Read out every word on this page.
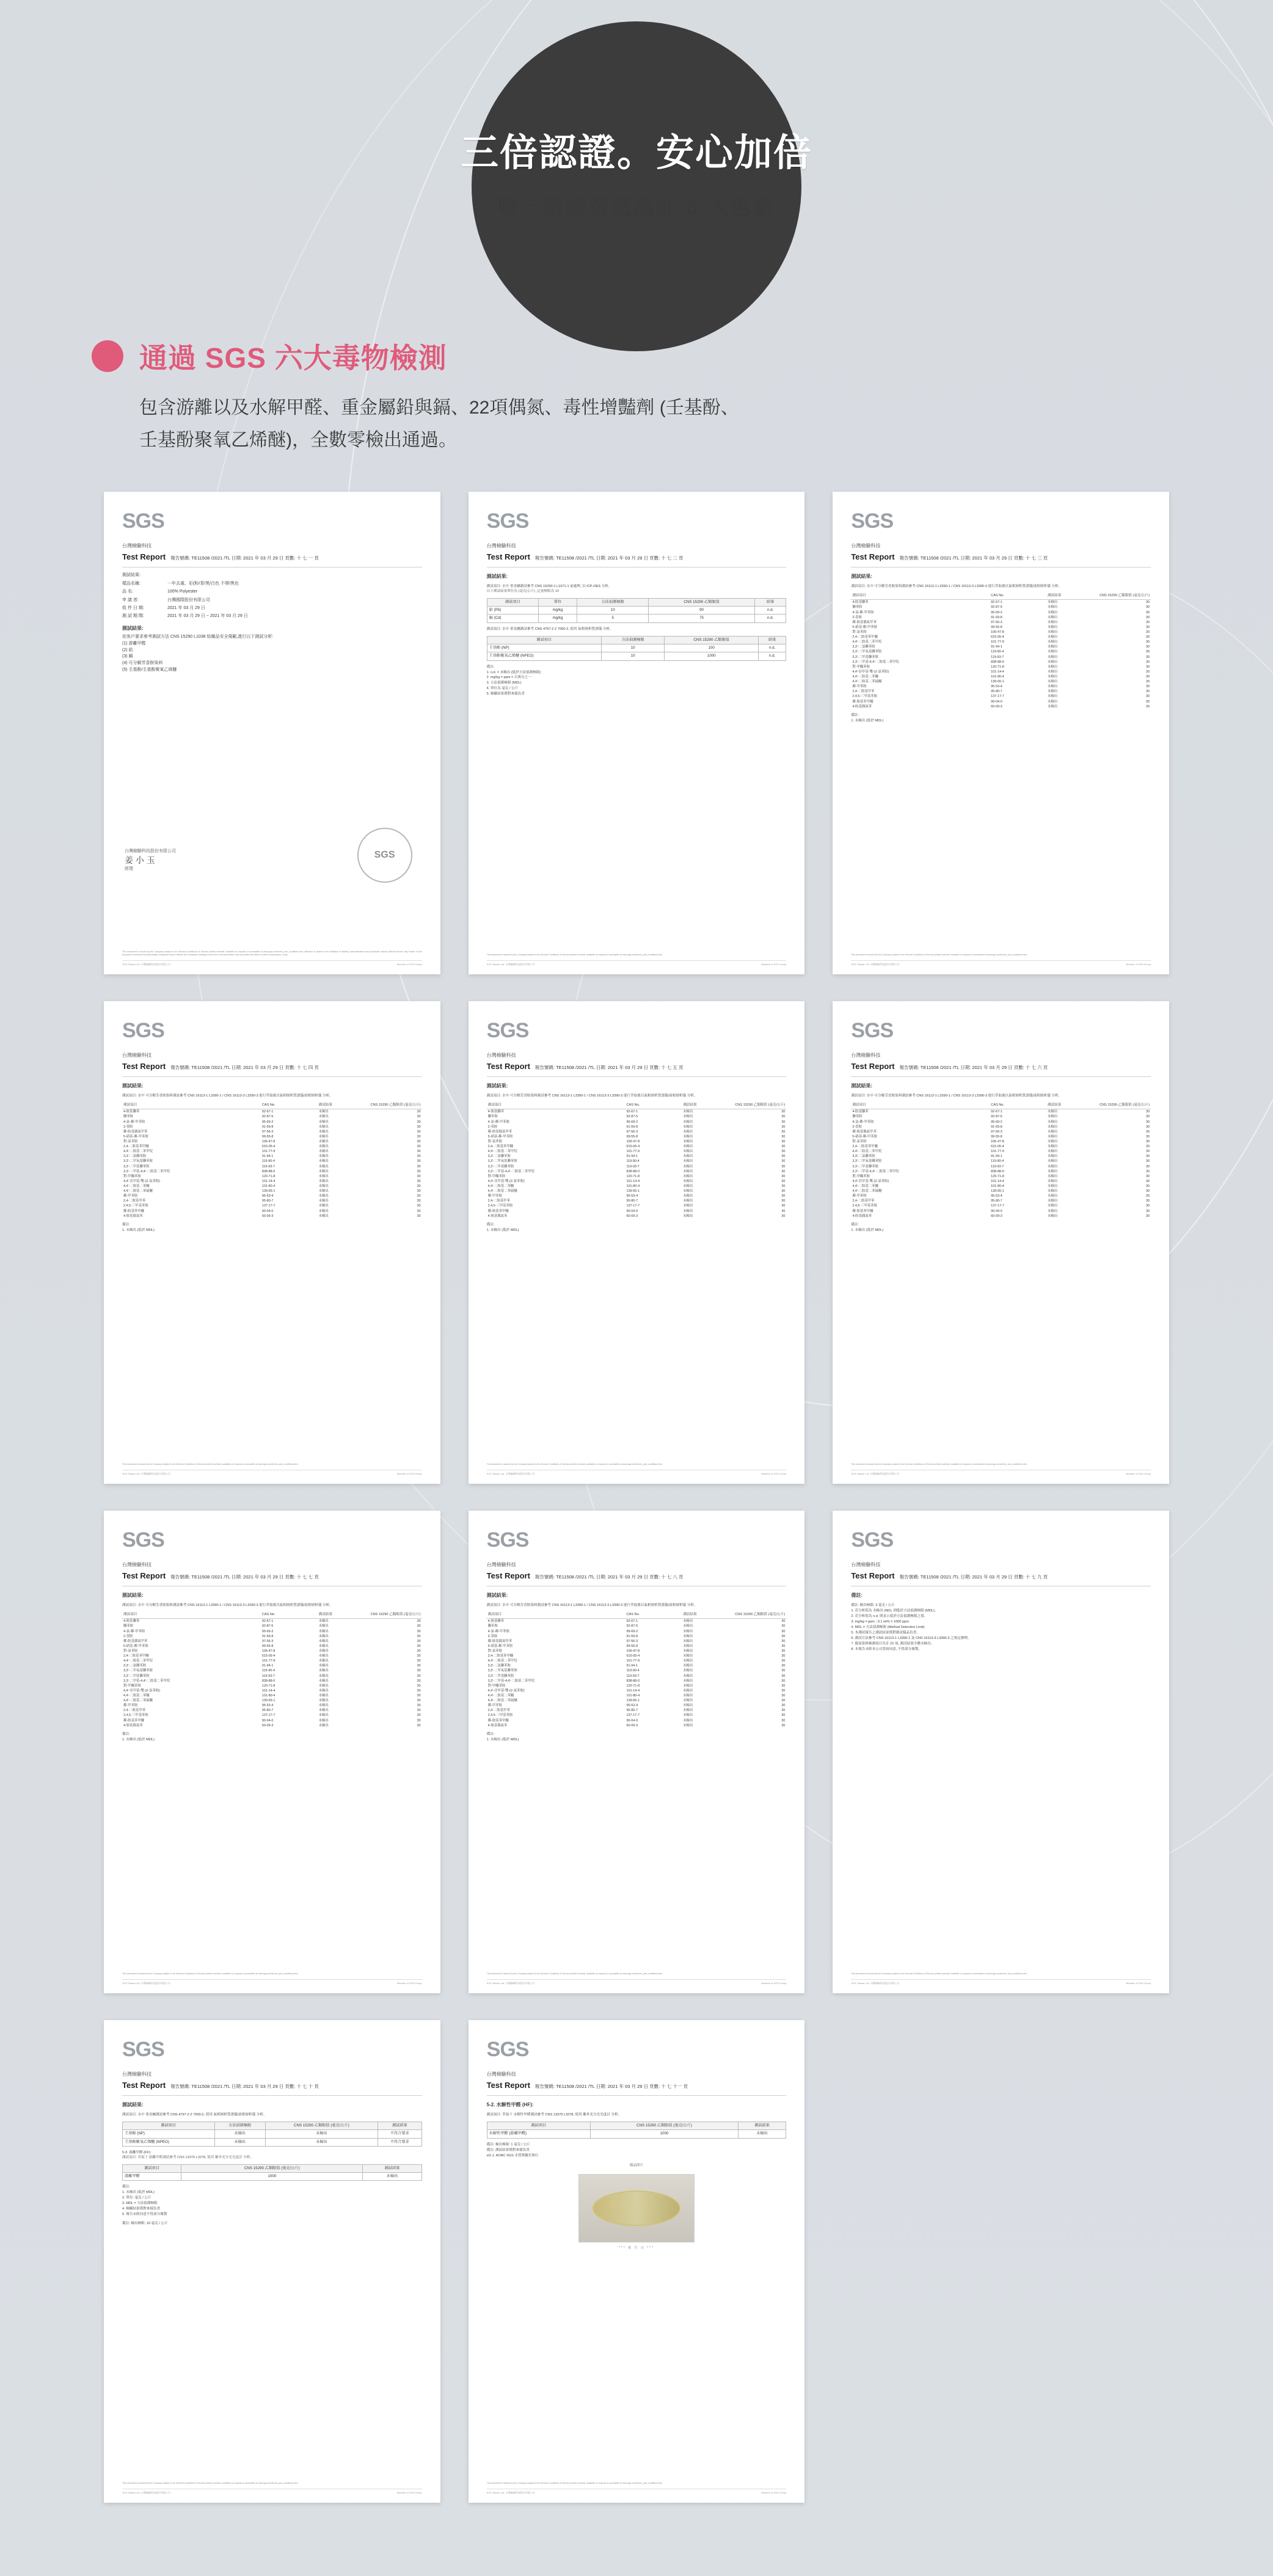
三倍認證。安心加倍
唯一紫綠黃藍黑紅 6 大色系
通過 SGS 六大毒物檢測
包含游離以及水解甲醛、重金屬鉛與鎘、22項偶氮、毒性增豔劑 (壬基酚、
壬基酚聚氧乙烯醚)，全數零檢出通過。
SGS
台灣檢驗科技
Test Report 報告號碼: TE11508 /2021 /TL 日期: 2021 年 03 月 29 日 頁數: 十 七 一 頁
測試結果:
樣品名稱:	一年去處、彩(粉/青/黑/白色 不帶/黑色
品 名:	100% Polyester
申 請 者:	台灣國際股份有限公司
收 件 日 期:	2021 年 03 月 29 日
測 試 期 間:	2021 年 03 月 29 日 ~ 2021 年 03 月 29 日
測試結果:

依客戶要求參考測試方法 CNS 15290 L1038 紡織品安全規範,進行以下測試分析:

(1) 游離甲醛

(2) 鉛

(3) 鎘

(4) 可分解芳香胺染料

(5) 壬基酚/壬基酚聚氧乙烯醚

台灣檢驗科技股份有限公司
姜 小 玉
經理
SGS
This document is issued by the Company subject to its General Conditions of Service printed overleaf, available on request or accessible at www.sgs.com/terms_and_conditions.htm. Attention is drawn to the limitation of liability, indemnification and jurisdiction issues defined therein. Any holder of this document is advised that information contained hereon reflects the Company's findings at the time of its intervention only and within the limits of Client's instructions, if any.
SGS Taiwan Ltd. 台灣檢驗科技股份有限公司	Member of SGS Group
SGS
台灣檢驗科技
Test Report 報告號碼: TE11508 /2021 /TL 日期: 2021 年 03 月 29 日 頁數: 十 七 二 頁
測試結果:
測試項目: 水中 重金屬測試參考 CNS 15290-1 L1071-1 前處理, 以 ICP-OES 分析。
以下測試結果單位為 (毫克/公斤) ,定量極限為 10
測試項目	單位	方法偵測極限	CNS 15290 乙類限值	結果
鉛 (Pb)	mg/kg	10	90	n.d.
鎘 (Cd)	mg/kg	5	75	n.d.
測試項目: 水中 重金屬測試參考 CNS 4797-2 Z 7000-2, 使用 氣相層析質譜儀 分析。
測試項目	方法偵測極限	CNS 15290 乙類限值	結果
壬基酚 (NP)	10	100	n.d.
壬基酚聚氧乙烯醚 (NPEO)	10	1000	n.d.
備註:
1. n.d. = 未檢出 (低於方法偵測極限)
2. mg/kg = ppm = 百萬分之一
3. 方法偵測極限 (MDL)
4. 單位為 毫克 / 公斤
5. 檢驗結果僅對來樣負責
This document is issued by the Company subject to its General Conditions of Service printed overleaf, available on request or accessible at www.sgs.com/terms_and_conditions.htm.
SGS Taiwan Ltd. 台灣檢驗科技股份有限公司	Member of SGS Group
SGS
台灣檢驗科技
Test Report 報告號碼: TE11508 /2021 /TL 日期: 2021 年 03 月 29 日 頁數: 十 七 三 頁
測試結果:
測試項目: 水中 可分解芳香胺染料測試參考 CNS 16113-1 L3390-1 / CNS 16113-3 L3390-3 進行萃取後以氣相層析質譜儀/液相層析儀 分析。
測試項目	CAS No.	測試結果	CNS 15290 乙類限值 (毫克/公斤)
4-胺基聯苯	92-67-1	未檢出	30
聯苯胺	92-87-5	未檢出	30
4-氯-鄰-甲苯胺	95-69-2	未檢出	30
2-萘胺	91-59-8	未檢出	30
鄰-胺基偶氮甲苯	97-56-3	未檢出	30
5-硝基-鄰-甲苯胺	99-55-8	未檢出	30
對-氯苯胺	106-47-8	未檢出	30
2,4-二胺基苯甲醚	615-05-4	未檢出	30
4,4'-二胺基二苯甲烷	101-77-9	未檢出	30
3,3'-二氯聯苯胺	91-94-1	未檢出	30
3,3'-二甲氧基聯苯胺	119-90-4	未檢出	30
3,3'-二甲基聯苯胺	119-93-7	未檢出	30
3,3'-二甲基-4,4'-二胺基二苯甲烷	838-88-0	未檢出	30
對-甲醯苯胺	120-71-8	未檢出	30
4,4'-亞甲基-雙-(2-氯苯胺)	101-14-4	未檢出	30
4,4'-二胺基二苯醚	101-80-4	未檢出	30
4,4'-二胺基二苯硫醚	139-65-1	未檢出	30
鄰-甲苯胺	95-53-4	未檢出	30
2,4-二胺基甲苯	95-80-7	未檢出	30
2,4,5-三甲基苯胺	137-17-7	未檢出	30
鄰-胺基苯甲醚	90-04-0	未檢出	30
4-胺基偶氮苯	60-09-3	未檢出	30
備註:
1. 未檢出 (低於 MDL)
This document is issued by the Company subject to its General Conditions of Service printed overleaf, available on request or accessible at www.sgs.com/terms_and_conditions.htm.
SGS Taiwan Ltd. 台灣檢驗科技股份有限公司	Member of SGS Group
SGS
台灣檢驗科技
Test Report 報告號碼: TE11508 /2021 /TL 日期: 2021 年 03 月 29 日 頁數: 十 七 四 頁
測試結果:
測試項目: 水中 可分解芳香胺染料測試參考 CNS 16113-1 L3390-1 / CNS 16113-3 L3390-3 進行萃取後以氣相層析質譜儀/液相層析儀 分析。
測試項目	CAS No.	測試結果	CNS 15290 乙類限值 (毫克/公斤)
4-胺基聯苯	92-67-1	未檢出	30
聯苯胺	92-87-5	未檢出	30
4-氯-鄰-甲苯胺	95-69-2	未檢出	30
2-萘胺	91-59-8	未檢出	30
鄰-胺基偶氮甲苯	97-56-3	未檢出	30
5-硝基-鄰-甲苯胺	99-55-8	未檢出	30
對-氯苯胺	106-47-8	未檢出	30
2,4-二胺基苯甲醚	615-05-4	未檢出	30
4,4'-二胺基二苯甲烷	101-77-9	未檢出	30
3,3'-二氯聯苯胺	91-94-1	未檢出	30
3,3'-二甲氧基聯苯胺	119-90-4	未檢出	30
3,3'-二甲基聯苯胺	119-93-7	未檢出	30
3,3'-二甲基-4,4'-二胺基二苯甲烷	838-88-0	未檢出	30
對-甲醯苯胺	120-71-8	未檢出	30
4,4'-亞甲基-雙-(2-氯苯胺)	101-14-4	未檢出	30
4,4'-二胺基二苯醚	101-80-4	未檢出	30
4,4'-二胺基二苯硫醚	139-65-1	未檢出	30
鄰-甲苯胺	95-53-4	未檢出	30
2,4-二胺基甲苯	95-80-7	未檢出	30
2,4,5-三甲基苯胺	137-17-7	未檢出	30
鄰-胺基苯甲醚	90-04-0	未檢出	30
4-胺基偶氮苯	60-09-3	未檢出	30
備註:
1. 未檢出 (低於 MDL)
This document is issued by the Company subject to its General Conditions of Service printed overleaf, available on request or accessible at www.sgs.com/terms_and_conditions.htm.
SGS Taiwan Ltd. 台灣檢驗科技股份有限公司	Member of SGS Group
SGS
台灣檢驗科技
Test Report 報告號碼: TE11508 /2021 /TL 日期: 2021 年 03 月 29 日 頁數: 十 七 五 頁
測試結果:
測試項目: 水中 可分解芳香胺染料測試參考 CNS 16113-1 L3390-1 / CNS 16113-3 L3390-3 進行萃取後以氣相層析質譜儀/液相層析儀 分析。
測試項目	CAS No.	測試結果	CNS 15290 乙類限值 (毫克/公斤)
4-胺基聯苯	92-67-1	未檢出	30
聯苯胺	92-87-5	未檢出	30
4-氯-鄰-甲苯胺	95-69-2	未檢出	30
2-萘胺	91-59-8	未檢出	30
鄰-胺基偶氮甲苯	97-56-3	未檢出	30
5-硝基-鄰-甲苯胺	99-55-8	未檢出	30
對-氯苯胺	106-47-8	未檢出	30
2,4-二胺基苯甲醚	615-05-4	未檢出	30
4,4'-二胺基二苯甲烷	101-77-9	未檢出	30
3,3'-二氯聯苯胺	91-94-1	未檢出	30
3,3'-二甲氧基聯苯胺	119-90-4	未檢出	30
3,3'-二甲基聯苯胺	119-93-7	未檢出	30
3,3'-二甲基-4,4'-二胺基二苯甲烷	838-88-0	未檢出	30
對-甲醯苯胺	120-71-8	未檢出	30
4,4'-亞甲基-雙-(2-氯苯胺)	101-14-4	未檢出	30
4,4'-二胺基二苯醚	101-80-4	未檢出	30
4,4'-二胺基二苯硫醚	139-65-1	未檢出	30
鄰-甲苯胺	95-53-4	未檢出	30
2,4-二胺基甲苯	95-80-7	未檢出	30
2,4,5-三甲基苯胺	137-17-7	未檢出	30
鄰-胺基苯甲醚	90-04-0	未檢出	30
4-胺基偶氮苯	60-09-3	未檢出	30
備註:
1. 未檢出 (低於 MDL)
This document is issued by the Company subject to its General Conditions of Service printed overleaf, available on request or accessible at www.sgs.com/terms_and_conditions.htm.
SGS Taiwan Ltd. 台灣檢驗科技股份有限公司	Member of SGS Group
SGS
台灣檢驗科技
Test Report 報告號碼: TE11508 /2021 /TL 日期: 2021 年 03 月 29 日 頁數: 十 七 六 頁
測試結果:
測試項目: 水中 可分解芳香胺染料測試參考 CNS 16113-1 L3390-1 / CNS 16113-3 L3390-3 進行萃取後以氣相層析質譜儀/液相層析儀 分析。
測試項目	CAS No.	測試結果	CNS 15290 乙類限值 (毫克/公斤)
4-胺基聯苯	92-67-1	未檢出	30
聯苯胺	92-87-5	未檢出	30
4-氯-鄰-甲苯胺	95-69-2	未檢出	30
2-萘胺	91-59-8	未檢出	30
鄰-胺基偶氮甲苯	97-56-3	未檢出	30
5-硝基-鄰-甲苯胺	99-55-8	未檢出	30
對-氯苯胺	106-47-8	未檢出	30
2,4-二胺基苯甲醚	615-05-4	未檢出	30
4,4'-二胺基二苯甲烷	101-77-9	未檢出	30
3,3'-二氯聯苯胺	91-94-1	未檢出	30
3,3'-二甲氧基聯苯胺	119-90-4	未檢出	30
3,3'-二甲基聯苯胺	119-93-7	未檢出	30
3,3'-二甲基-4,4'-二胺基二苯甲烷	838-88-0	未檢出	30
對-甲醯苯胺	120-71-8	未檢出	30
4,4'-亞甲基-雙-(2-氯苯胺)	101-14-4	未檢出	30
4,4'-二胺基二苯醚	101-80-4	未檢出	30
4,4'-二胺基二苯硫醚	139-65-1	未檢出	30
鄰-甲苯胺	95-53-4	未檢出	30
2,4-二胺基甲苯	95-80-7	未檢出	30
2,4,5-三甲基苯胺	137-17-7	未檢出	30
鄰-胺基苯甲醚	90-04-0	未檢出	30
4-胺基偶氮苯	60-09-3	未檢出	30
備註:
1. 未檢出 (低於 MDL)
This document is issued by the Company subject to its General Conditions of Service printed overleaf, available on request or accessible at www.sgs.com/terms_and_conditions.htm.
SGS Taiwan Ltd. 台灣檢驗科技股份有限公司	Member of SGS Group
SGS
台灣檢驗科技
Test Report 報告號碼: TE11508 /2021 /TL 日期: 2021 年 03 月 29 日 頁數: 十 七 七 頁
測試結果:
測試項目: 水中 可分解芳香胺染料測試參考 CNS 16113-1 L3390-1 / CNS 16113-3 L3390-3 進行萃取後以氣相層析質譜儀/液相層析儀 分析。
測試項目	CAS No.	測試結果	CNS 15290 乙類限值 (毫克/公斤)
4-胺基聯苯	92-67-1	未檢出	30
聯苯胺	92-87-5	未檢出	30
4-氯-鄰-甲苯胺	95-69-2	未檢出	30
2-萘胺	91-59-8	未檢出	30
鄰-胺基偶氮甲苯	97-56-3	未檢出	30
5-硝基-鄰-甲苯胺	99-55-8	未檢出	30
對-氯苯胺	106-47-8	未檢出	30
2,4-二胺基苯甲醚	615-05-4	未檢出	30
4,4'-二胺基二苯甲烷	101-77-9	未檢出	30
3,3'-二氯聯苯胺	91-94-1	未檢出	30
3,3'-二甲氧基聯苯胺	119-90-4	未檢出	30
3,3'-二甲基聯苯胺	119-93-7	未檢出	30
3,3'-二甲基-4,4'-二胺基二苯甲烷	838-88-0	未檢出	30
對-甲醯苯胺	120-71-8	未檢出	30
4,4'-亞甲基-雙-(2-氯苯胺)	101-14-4	未檢出	30
4,4'-二胺基二苯醚	101-80-4	未檢出	30
4,4'-二胺基二苯硫醚	139-65-1	未檢出	30
鄰-甲苯胺	95-53-4	未檢出	30
2,4-二胺基甲苯	95-80-7	未檢出	30
2,4,5-三甲基苯胺	137-17-7	未檢出	30
鄰-胺基苯甲醚	90-04-0	未檢出	30
4-胺基偶氮苯	60-09-3	未檢出	30
備註:
1. 未檢出 (低於 MDL)
This document is issued by the Company subject to its General Conditions of Service printed overleaf, available on request or accessible at www.sgs.com/terms_and_conditions.htm.
SGS Taiwan Ltd. 台灣檢驗科技股份有限公司	Member of SGS Group
SGS
台灣檢驗科技
Test Report 報告號碼: TE11508 /2021 /TL 日期: 2021 年 03 月 29 日 頁數: 十 七 八 頁
測試結果:
測試項目: 水中 可分解芳香胺染料測試參考 CNS 16113-1 L3390-1 / CNS 16113-3 L3390-3 進行萃取後以氣相層析質譜儀/液相層析儀 分析。
測試項目	CAS No.	測試結果	CNS 15290 乙類限值 (毫克/公斤)
4-胺基聯苯	92-67-1	未檢出	30
聯苯胺	92-87-5	未檢出	30
4-氯-鄰-甲苯胺	95-69-2	未檢出	30
2-萘胺	91-59-8	未檢出	30
鄰-胺基偶氮甲苯	97-56-3	未檢出	30
5-硝基-鄰-甲苯胺	99-55-8	未檢出	30
對-氯苯胺	106-47-8	未檢出	30
2,4-二胺基苯甲醚	615-05-4	未檢出	30
4,4'-二胺基二苯甲烷	101-77-9	未檢出	30
3,3'-二氯聯苯胺	91-94-1	未檢出	30
3,3'-二甲氧基聯苯胺	119-90-4	未檢出	30
3,3'-二甲基聯苯胺	119-93-7	未檢出	30
3,3'-二甲基-4,4'-二胺基二苯甲烷	838-88-0	未檢出	30
對-甲醯苯胺	120-71-8	未檢出	30
4,4'-亞甲基-雙-(2-氯苯胺)	101-14-4	未檢出	30
4,4'-二胺基二苯醚	101-80-4	未檢出	30
4,4'-二胺基二苯硫醚	139-65-1	未檢出	30
鄰-甲苯胺	95-53-4	未檢出	30
2,4-二胺基甲苯	95-80-7	未檢出	30
2,4,5-三甲基苯胺	137-17-7	未檢出	30
鄰-胺基苯甲醚	90-04-0	未檢出	30
4-胺基偶氮苯	60-09-3	未檢出	30
備註:
1. 未檢出 (低於 MDL)
This document is issued by the Company subject to its General Conditions of Service printed overleaf, available on request or accessible at www.sgs.com/terms_and_conditions.htm.
SGS Taiwan Ltd. 台灣檢驗科技股份有限公司	Member of SGS Group
SGS
台灣檢驗科技
Test Report 報告號碼: TE11508 /2021 /TL 日期: 2021 年 03 月 29 日 頁數: 十 七 九 頁
備註:
備註: 檢出極限: 3 毫克 / 公斤
1. 若分析值為 未檢出 (ND), 則低於方法偵測極限 (MDL)。
2. 若分析值為 n.d. 則表示低於方法偵測極限之值。
3. mg/kg = ppm ; 0.1 wt% = 1000 ppm
4. MDL = 方法偵測極限 (Method Detection Limit)
5. 本測試報告之測試結果僅對測試樣品負責。
6. 測試方法參考 CNS 16113-1 L3390-1 及 CNS 16113-3 L3390-3 之規定辦理。
7. 偶氮染料檢測項目共計 22 項, 測試結果全數未檢出。
8. 本報告未經本公司書面同意, 不得部分複製。
This document is issued by the Company subject to its General Conditions of Service printed overleaf, available on request or accessible at www.sgs.com/terms_and_conditions.htm.
SGS Taiwan Ltd. 台灣檢驗科技股份有限公司	Member of SGS Group
SGS
台灣檢驗科技
Test Report 報告號碼: TE11508 /2021 /TL 日期: 2021 年 03 月 29 日 頁數: 十 七 十 頁
測試結果:
測試項目: 水中 重金屬測試參考 CNS 4797-2 Z 7000-2, 使用 氣相層析質譜儀/液相層析儀 分析。
測試項目	方法偵測極限	CNS 15290 乙類限值 (毫克/公斤)	測試結果
壬基酚 (NP)	未檢出	未檢出	不符合要求
壬基酚聚氧乙烯醚 (NPEO)	未檢出	未檢出	不符合要求
5-3. 游離甲醛 (FF):
測試項目: 萃取下 游離甲醛測試參考 CNS 13379 L3278, 使用 紫外光分光光度計 分析。
測試項目	CNS 15290 乙類限值 (毫克/公斤)	測試結果
游離甲醛	1000	未檢出
備註:
1. 未檢出 (低於 MDL)
2. 單位: 毫克 / 公斤
3. MDL = 方法偵測極限
4. 檢驗結果僅對來樣負責
5. 報告未經同意不得部分複製
備註: 檢出極限: 10 毫克 / 公斤
This document is issued by the Company subject to its General Conditions of Service printed overleaf, available on request or accessible at www.sgs.com/terms_and_conditions.htm.
SGS Taiwan Ltd. 台灣檢驗科技股份有限公司	Member of SGS Group
SGS
台灣檢驗科技
Test Report 報告號碼: TE11508 /2021 /TL 日期: 2021 年 03 月 29 日 頁數: 十 七 十一 頁
5-2. 水解性甲醛 (HF):
測試項目: 萃取下 水解性甲醛測試參考 CNS 13379 L3278, 使用 紫外光分光光度計 分析。
測試項目	CNS 15290 乙類限值 (毫克/公斤)	測試結果
水解性甲醛 (游離甲醛)	1000	未檢出
備註: 檢出極限: 1 毫克 / 公斤
備註: 測試結果僅對來樣負責
st1.1. AOAC SGS 水質實驗室執行
樣品照片
*** 報 告 完 ***
This document is issued by the Company subject to its General Conditions of Service printed overleaf, available on request or accessible at www.sgs.com/terms_and_conditions.htm.
SGS Taiwan Ltd. 台灣檢驗科技股份有限公司	Member of SGS Group
